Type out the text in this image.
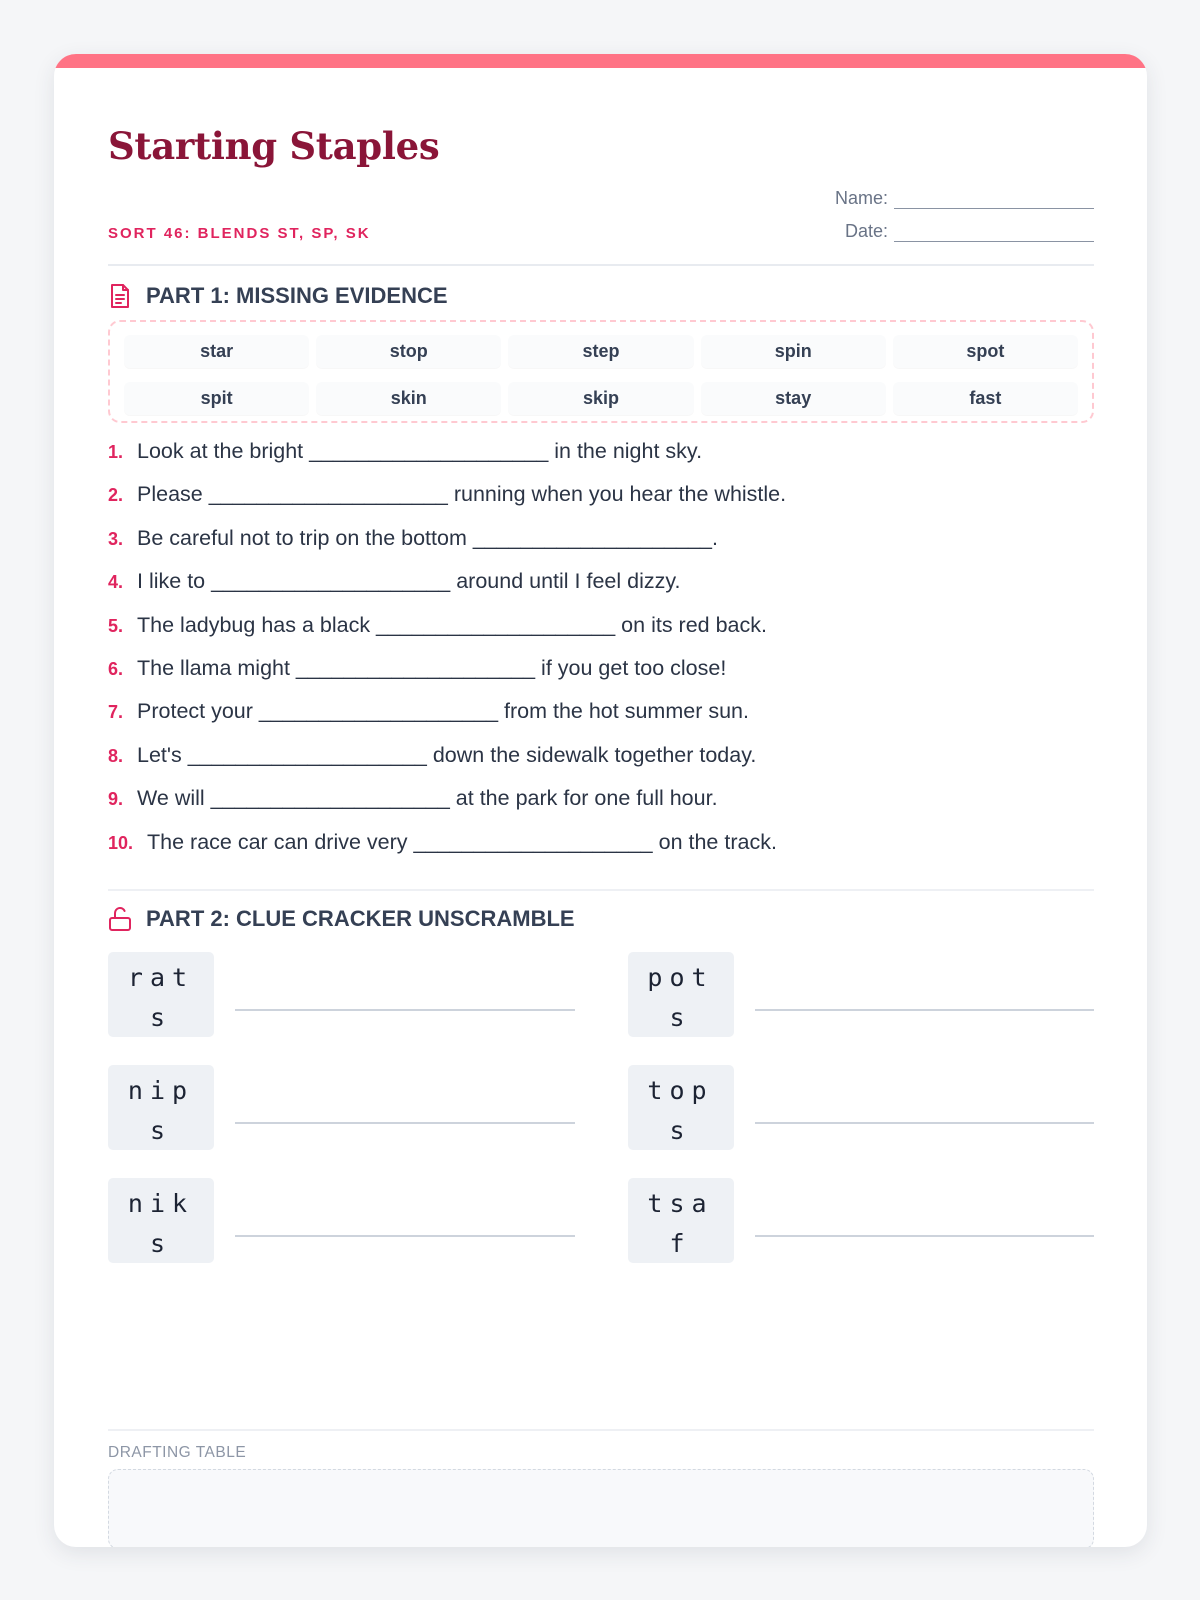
Starting Staples
Name:
Date:
SORT 46: BLENDS ST, SP, SK
PART 1: MISSING EVIDENCE
star	stop	step	spin	spot
spit	skin	skip	stay	fast
1. Look at the bright ____________________ in the night sky.
2. Please ____________________ running when you hear the whistle.
3. Be careful not to trip on the bottom ____________________.
4. I like to ____________________ around until I feel dizzy.
5. The ladybug has a black ____________________ on its red back.
6. The llama might ____________________ if you get too close!
7. Protect your ____________________ from the hot summer sun.
8. Let's ____________________ down the sidewalk together today.
9. We will ____________________ at the park for one full hour.
10. The race car can drive very ____________________ on the track.
PART 2: CLUE CRACKER UNSCRAMBLE
rats
pots
nips
tops
niks
tsaf
DRAFTING TABLE
